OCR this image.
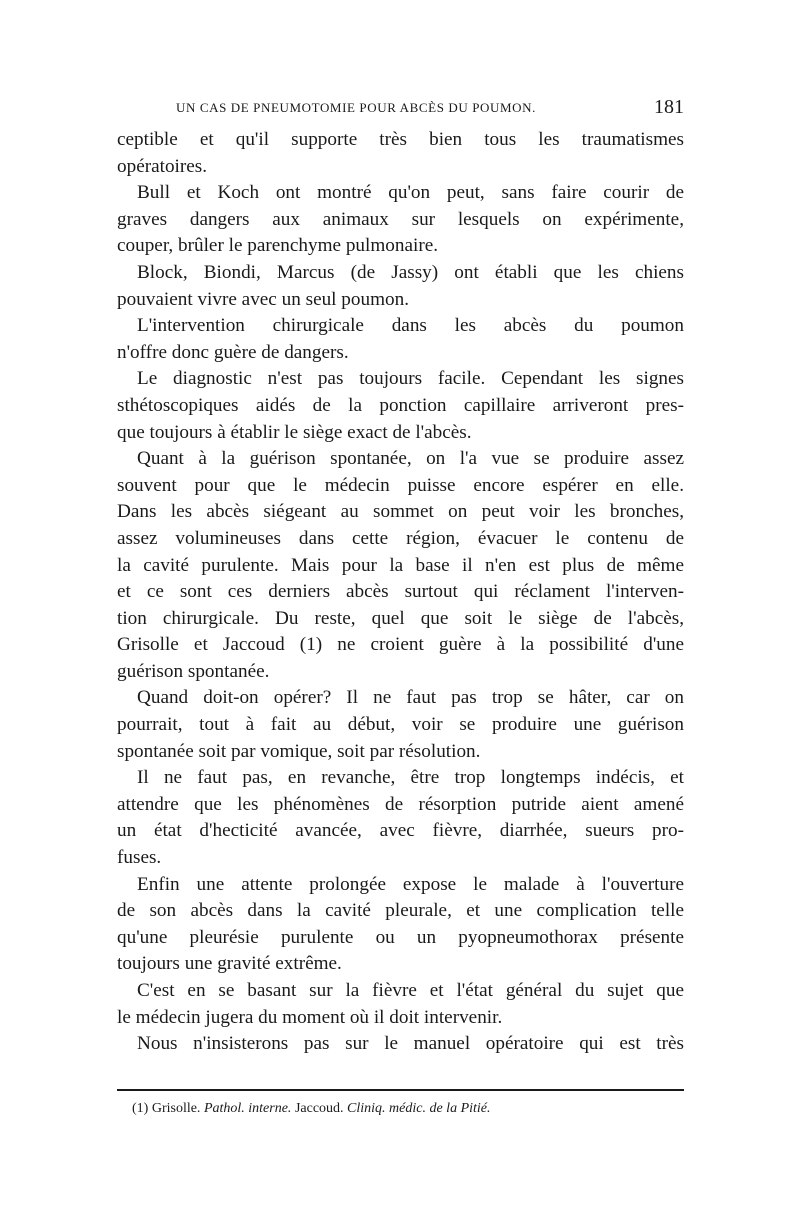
UN CAS DE PNEUMOTOMIE POUR ABCÈS DU POUMON.	181
ceptible et qu'il supporte très bien tous les traumatismes
opératoires.
Bull et Koch ont montré qu'on peut, sans faire courir de
graves dangers aux animaux sur lesquels on expérimente,
couper, brûler le parenchyme pulmonaire.
Block, Biondi, Marcus (de Jassy) ont établi que les chiens
pouvaient vivre avec un seul poumon.
L'intervention chirurgicale dans les abcès du poumon
n'offre donc guère de dangers.
Le diagnostic n'est pas toujours facile. Cependant les signes
sthétoscopiques aidés de la ponction capillaire arriveront pres-
que toujours à établir le siège exact de l'abcès.
Quant à la guérison spontanée, on l'a vue se produire assez
souvent pour que le médecin puisse encore espérer en elle.
Dans les abcès siégeant au sommet on peut voir les bronches,
assez volumineuses dans cette région, évacuer le contenu de
la cavité purulente. Mais pour la base il n'en est plus de même
et ce sont ces derniers abcès surtout qui réclament l'interven-
tion chirurgicale. Du reste, quel que soit le siège de l'abcès,
Grisolle et Jaccoud (1) ne croient guère à la possibilité d'une
guérison spontanée.
Quand doit-on opérer? Il ne faut pas trop se hâter, car on
pourrait, tout à fait au début, voir se produire une guérison
spontanée soit par vomique, soit par résolution.
Il ne faut pas, en revanche, être trop longtemps indécis, et
attendre que les phénomènes de résorption putride aient amené
un état d'hecticité avancée, avec fièvre, diarrhée, sueurs pro-
fuses.
Enfin une attente prolongée expose le malade à l'ouverture
de son abcès dans la cavité pleurale, et une complication telle
qu'une pleurésie purulente ou un pyopneumothorax présente
toujours une gravité extrême.
C'est en se basant sur la fièvre et l'état général du sujet que
le médecin jugera du moment où il doit intervenir.
Nous n'insisterons pas sur le manuel opératoire qui est très
(1) Grisolle. Pathol. interne. Jaccoud. Cliniq. médic. de la Pitié.
